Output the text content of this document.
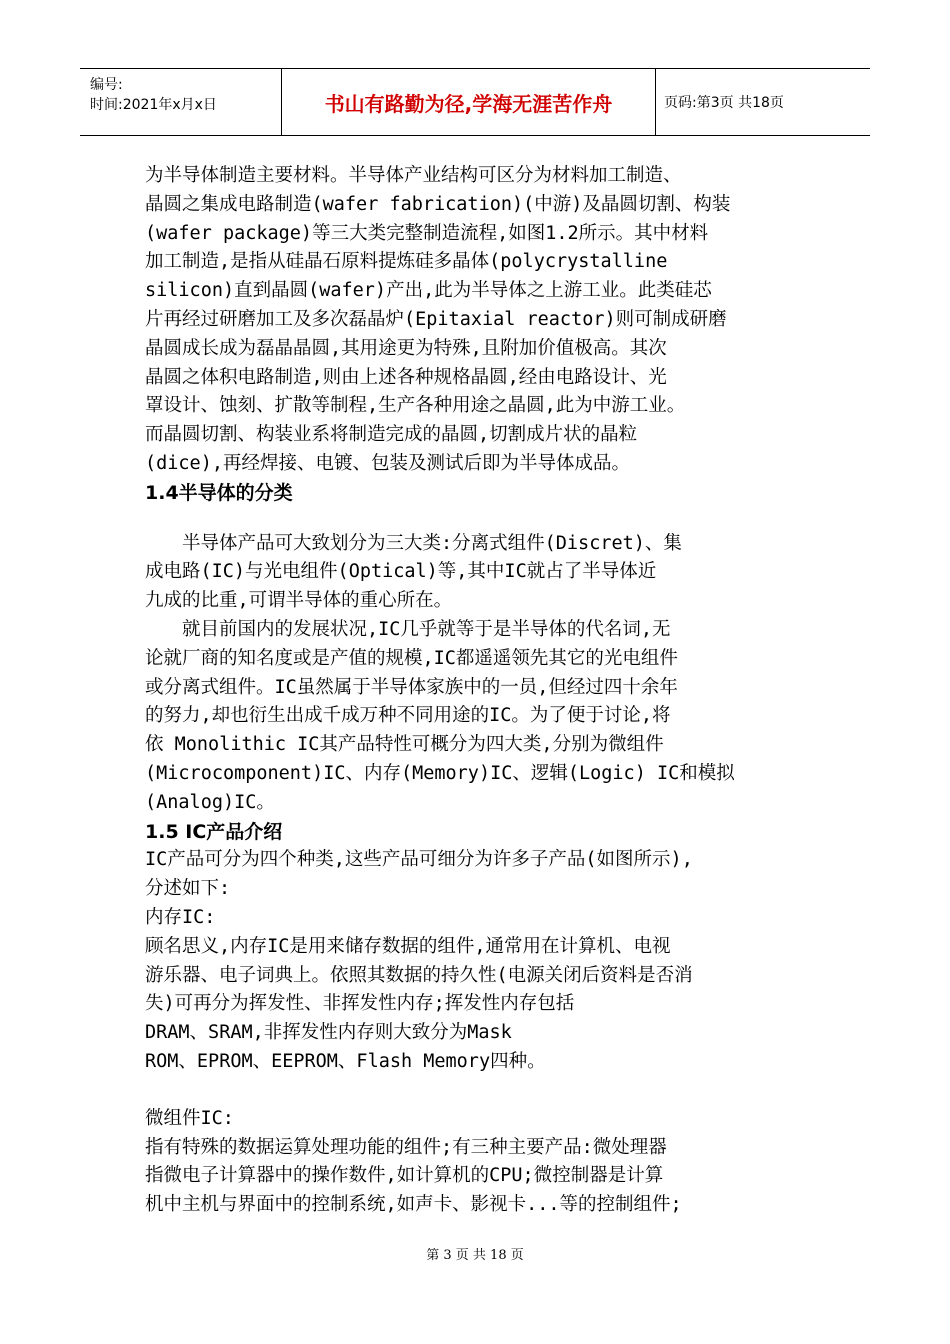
编号:
时间:2021年x月x日	书山有路勤为径,学海无涯苦作舟	页码:第3页 共18页

为半导体制造主要材料。半导体产业结构可区分为材料加工制造、

晶圆之集成电路制造(wafer fabrication)(中游)及晶圆切割、构装

(wafer package)等三大类完整制造流程,如图1.2所示。其中材料

加工制造,是指从硅晶石原料提炼硅多晶体(polycrystalline

silicon)直到晶圆(wafer)产出,此为半导体之上游工业。此类硅芯

片再经过研磨加工及多次磊晶炉(Epitaxial reactor)则可制成研磨

晶圆成长成为磊晶晶圆,其用途更为特殊,且附加价值极高。其次

晶圆之体积电路制造,则由上述各种规格晶圆,经由电路设计、光

罩设计、蚀刻、扩散等制程,生产各种用途之晶圆,此为中游工业。

而晶圆切割、构装业系将制造完成的晶圆,切割成片状的晶粒

(dice),再经焊接、电镀、包装及测试后即为半导体成品。

1.4半导体的分类

半导体产品可大致划分为三大类:分离式组件(Discret)、集

成电路(IC)与光电组件(Optical)等,其中IC就占了半导体近

九成的比重,可谓半导体的重心所在。

就目前国内的发展状况,IC几乎就等于是半导体的代名词,无

论就厂商的知名度或是产值的规模,IC都遥遥领先其它的光电组件

或分离式组件。IC虽然属于半导体家族中的一员,但经过四十余年

的努力,却也衍生出成千成万种不同用途的IC。为了便于讨论,将

依 Monolithic IC其产品特性可概分为四大类,分别为微组件

(Microcomponent)IC、内存(Memory)IC、逻辑(Logic) IC和模拟

(Analog)IC。

1.5 IC产品介绍

IC产品可分为四个种类,这些产品可细分为许多子产品(如图所示),

分述如下:

内存IC:

顾名思义,内存IC是用来储存数据的组件,通常用在计算机、电视

游乐器、电子词典上。依照其数据的持久性(电源关闭后资料是否消

失)可再分为挥发性、非挥发性内存;挥发性内存包括

DRAM、SRAM,非挥发性内存则大致分为Mask

ROM、EPROM、EEPROM、Flash Memory四种。

微组件IC:

指有特殊的数据运算处理功能的组件;有三种主要产品:微处理器

指微电子计算器中的操作数件,如计算机的CPU;微控制器是计算

机中主机与界面中的控制系统,如声卡、影视卡...等的控制组件;

第 3 页 共 18 页
